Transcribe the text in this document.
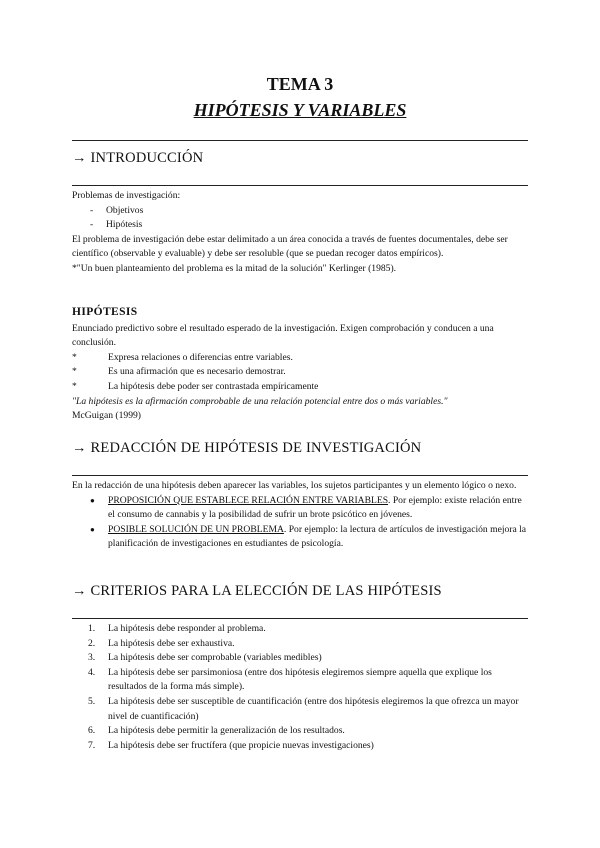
TEMA 3
HIPÓTESIS Y VARIABLES
→ INTRODUCCIÓN

Problemas de investigación:

-	Objetivos
-	Hipótesis

El problema de investigación debe estar delimitado a un área conocida a través de fuentes documentales, debe ser científico (observable y evaluable) y debe ser resoluble (que se puedan recoger datos empíricos).

*"Un buen planteamiento del problema es la mitad de la solución" Kerlinger (1985).

HIPÓTESIS

Enunciado predictivo sobre el resultado esperado de la investigación. Exigen comprobación y conducen a una conclusión.

*	Expresa relaciones o diferencias entre variables.
*	Es una afirmación que es necesario demostrar.
*	La hipótesis debe poder ser contrastada empíricamente

"La hipótesis es la afirmación comprobable de una relación potencial entre dos o más variables."

McGuigan (1999)

→ REDACCIÓN DE HIPÓTESIS DE INVESTIGACIÓN

En la redacción de una hipótesis deben aparecer las variables, los sujetos participantes y un elemento lógico o nexo.

●	PROPOSICIÓN QUE ESTABLECE RELACIÓN ENTRE VARIABLES. Por ejemplo: existe relación entre el consumo de cannabis y la posibilidad de sufrir un brote psicótico en jóvenes.
●	POSIBLE SOLUCIÓN DE UN PROBLEMA. Por ejemplo: la lectura de artículos de investigación mejora la planificación de investigaciones en estudiantes de psicología.
→ CRITERIOS PARA LA ELECCIÓN DE LAS HIPÓTESIS
1.	La hipótesis debe responder al problema.
2.	La hipótesis debe ser exhaustiva.
3.	La hipótesis debe ser comprobable (variables medibles)
4.	La hipótesis debe ser parsimoniosa (entre dos hipótesis elegiremos siempre aquella que explique los resultados de la forma más simple).
5.	La hipótesis debe ser susceptible de cuantificación (entre dos hipótesis elegiremos la que ofrezca un mayor nivel de cuantificación)
6.	La hipótesis debe permitir la generalización de los resultados.
7.	La hipótesis debe ser fructífera (que propicie nuevas investigaciones)
